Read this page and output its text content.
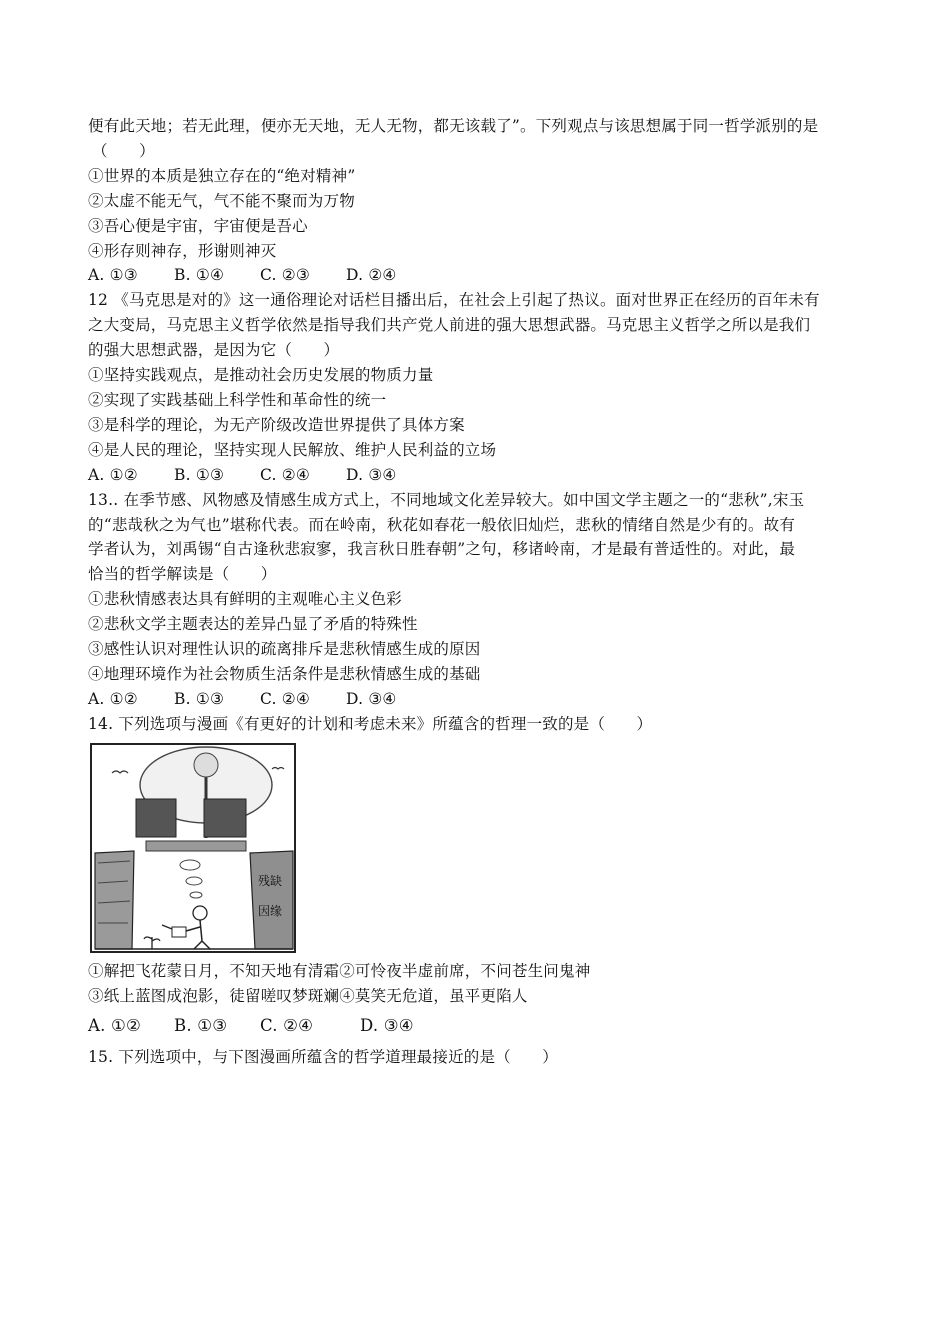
便有此天地；若无此理，便亦无天地，无人无物，都无该载了”。下列观点与该思想属于同一哲学派别的是
（　　）
①世界的本质是独立存在的“绝对精神”
②太虚不能无气，气不能不聚而为万物
③吾心便是宇宙，宇宙便是吾心
④形存则神存，形谢则神灭
A. ①③	B. ①④	C. ②③	D. ②④
12 《马克思是对的》这一通俗理论对话栏目播出后，在社会上引起了热议。面对世界正在经历的百年未有
之大变局，马克思主义哲学依然是指导我们共产党人前进的强大思想武器。马克思主义哲学之所以是我们
的强大思想武器，是因为它（　　）
①坚持实践观点，是推动社会历史发展的物质力量
②实现了实践基础上科学性和革命性的统一
③是科学的理论，为无产阶级改造世界提供了具体方案
④是人民的理论，坚持实现人民解放、维护人民利益的立场
A. ①②	B. ①③	C. ②④	D. ③④
13.. 在季节感、风物感及情感生成方式上，不同地域文化差异较大。如中国文学主题之一的“悲秋”,宋玉
的“悲哉秋之为气也”堪称代表。而在岭南，秋花如春花一般依旧灿烂，悲秋的情绪自然是少有的。故有
学者认为，刘禹锡“自古逢秋悲寂寥，我言秋日胜春朝”之句，移诸岭南，才是最有普适性的。对此，最
恰当的哲学解读是（　　）
①悲秋情感表达具有鲜明的主观唯心主义色彩
②悲秋文学主题表达的差异凸显了矛盾的特殊性
③感性认识对理性认识的疏离排斥是悲秋情感生成的原因
④地理环境作为社会物质生活条件是悲秋情感生成的基础
A. ①②	B. ①③	C. ②④	D. ③④
14. 下列选项与漫画《有更好的计划和考虑未来》所蕴含的哲理一致的是（　　）
残缺因缘
①解把飞花蒙日月，不知天地有清霜②可怜夜半虚前席，不问苍生问鬼神
③纸上蓝图成泡影，徒留嗟叹梦斑斓④莫笑无危道，虽平更陷人
A. ①②	B. ①③	C. ②④	D. ③④
15. 下列选项中，与下图漫画所蕴含的哲学道理最接近的是（　　）
